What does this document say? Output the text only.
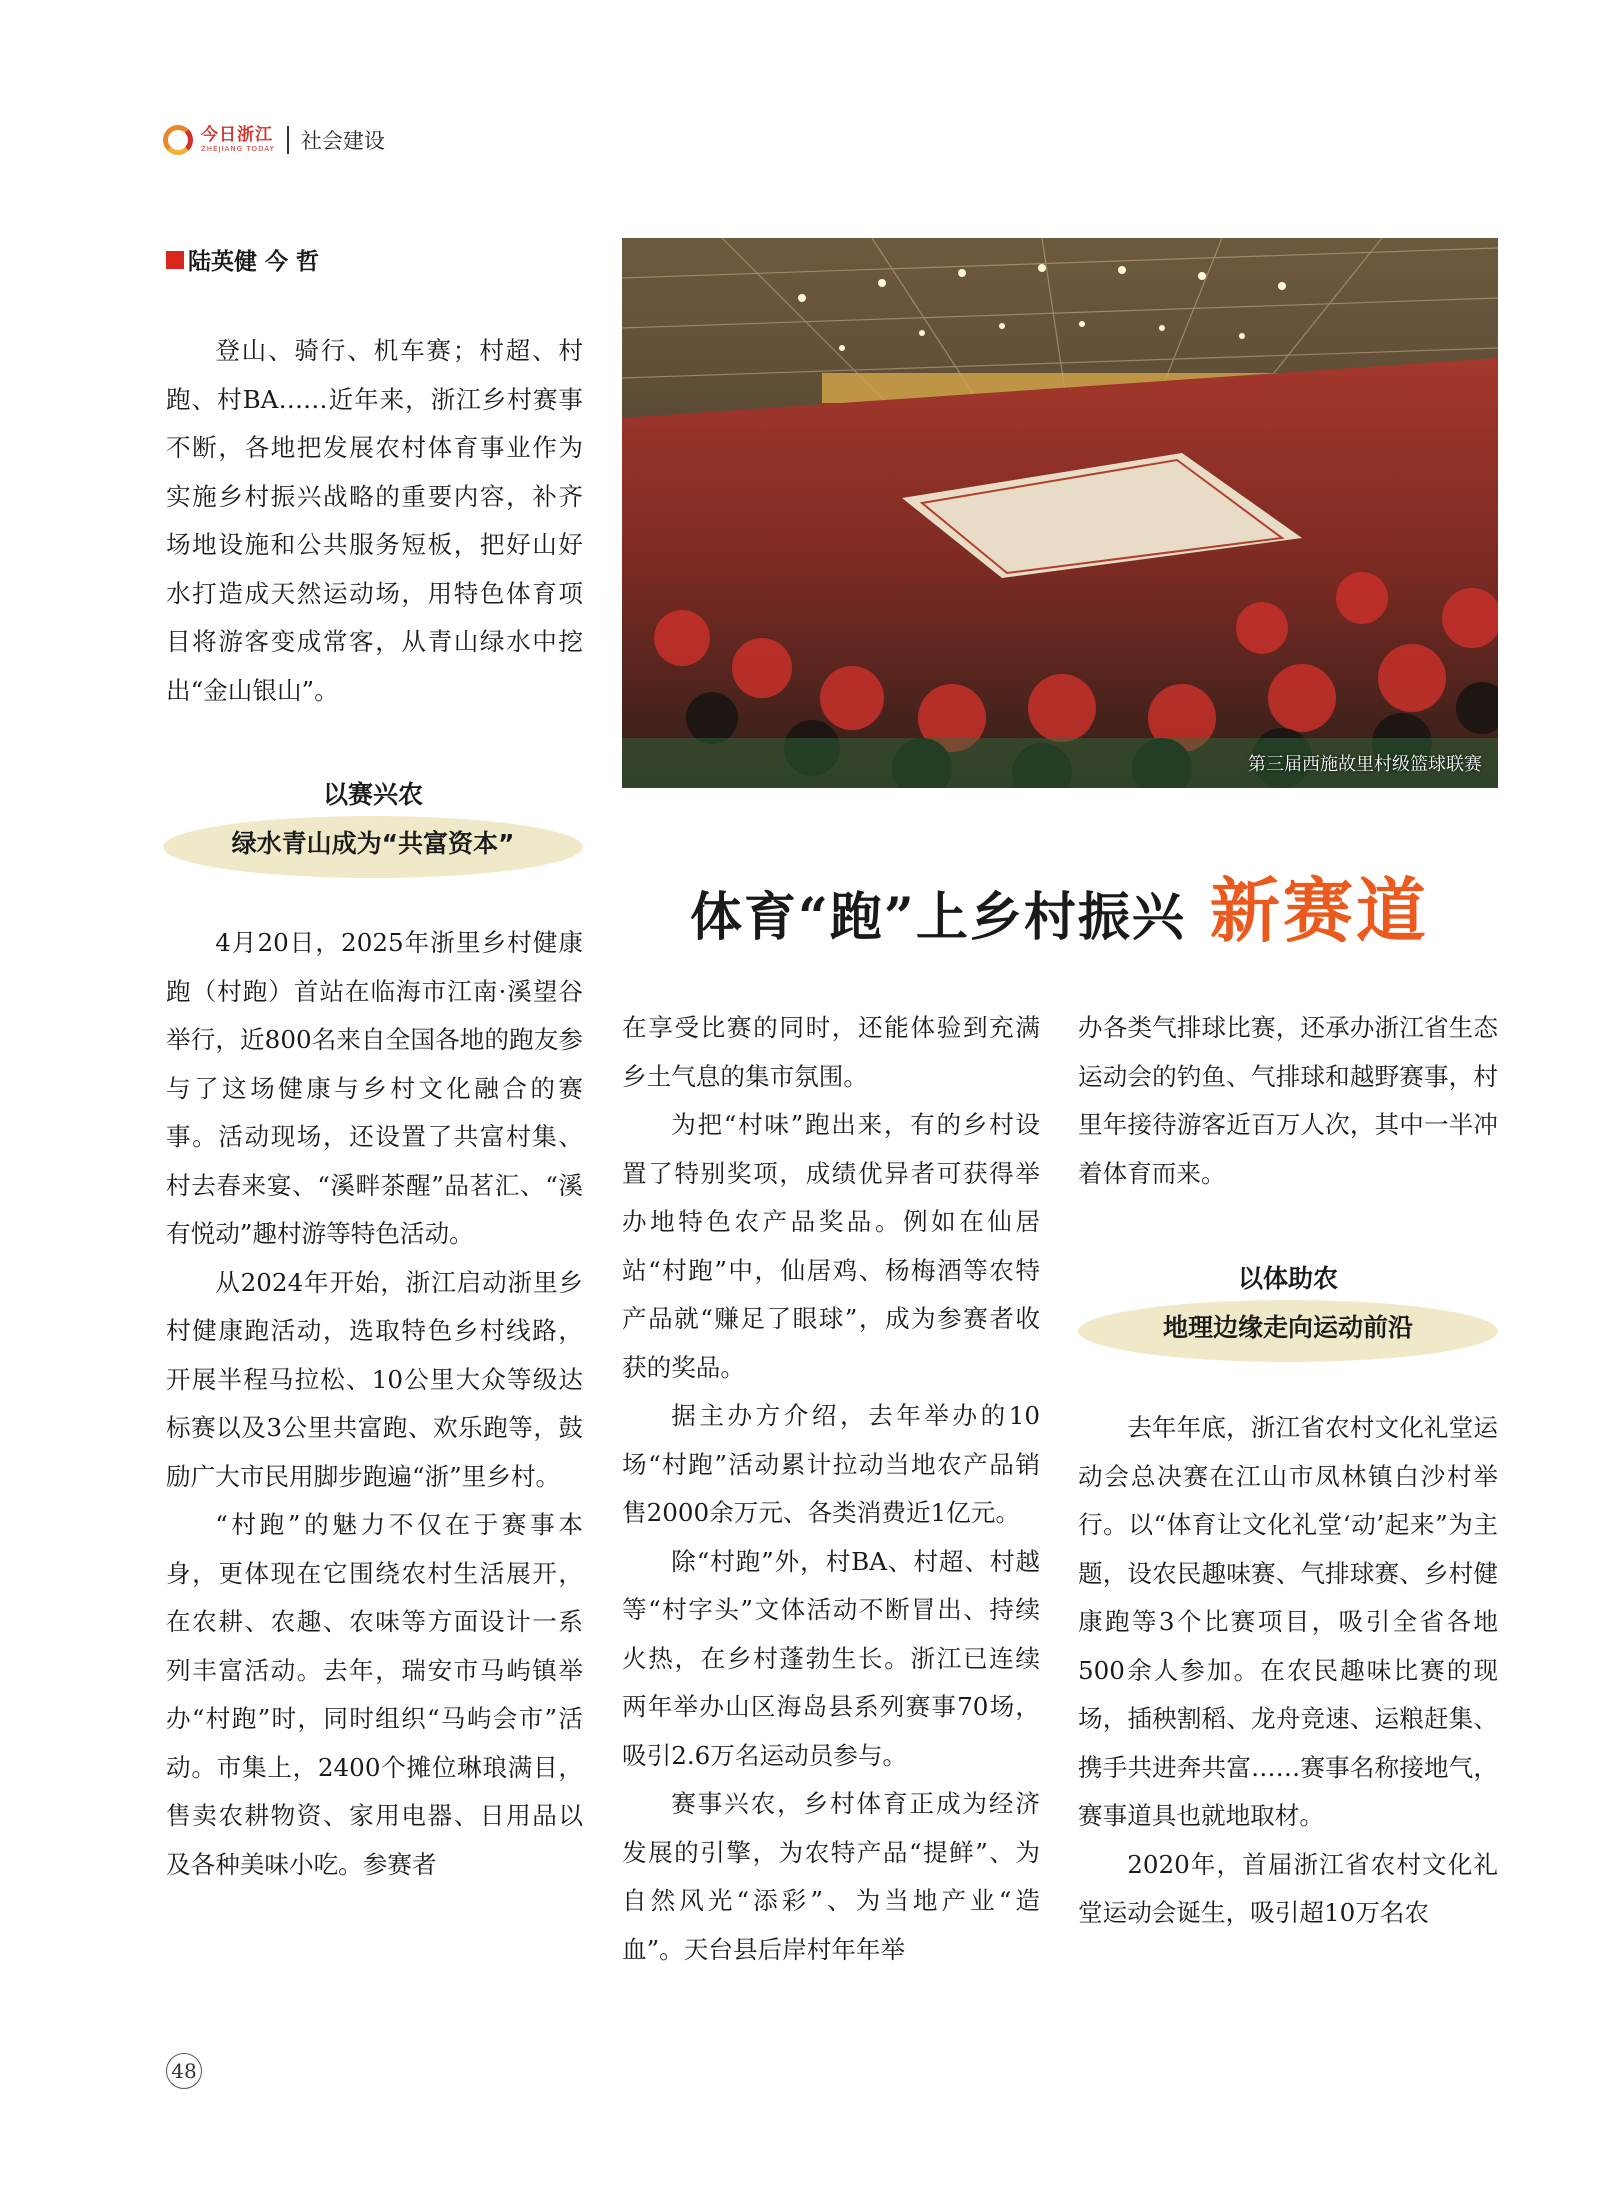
今日浙江
ZHEJIANG TODAY 社会建设
陆英健 今 哲
第三届西施故里村级篮球联赛
体育“跑”上乡村振兴 新赛道

登山、骑行、机车赛；村超、村跑、村BA……近年来，浙江乡村赛事不断，各地把发展农村体育事业作为实施乡村振兴战略的重要内容，补齐场地设施和公共服务短板，把好山好水打造成天然运动场，用特色体育项目将游客变成常客，从青山绿水中挖出“金山银山”。

以赛兴农
绿水青山成为“共富资本”

4月20日，2025年浙里乡村健康跑（村跑）首站在临海市江南·溪望谷举行，近800名来自全国各地的跑友参与了这场健康与乡村文化融合的赛事。活动现场，还设置了共富村集、村去春来宴、“溪畔茶醒”品茗汇、“溪有悦动”趣村游等特色活动。

从2024年开始，浙江启动浙里乡村健康跑活动，选取特色乡村线路，开展半程马拉松、10公里大众等级达标赛以及3公里共富跑、欢乐跑等，鼓励广大市民用脚步跑遍“浙”里乡村。

“村跑”的魅力不仅在于赛事本身，更体现在它围绕农村生活展开，在农耕、农趣、农味等方面设计一系列丰富活动。去年，瑞安市马屿镇举办“村跑”时，同时组织“马屿会市”活动。市集上，2400个摊位琳琅满目，售卖农耕物资、家用电器、日用品以及各种美味小吃。参赛者

在享受比赛的同时，还能体验到充满乡土气息的集市氛围。

为把“村味”跑出来，有的乡村设置了特别奖项，成绩优异者可获得举办地特色农产品奖品。例如在仙居站“村跑”中，仙居鸡、杨梅酒等农特产品就“赚足了眼球”，成为参赛者收获的奖品。

据主办方介绍，去年举办的10场“村跑”活动累计拉动当地农产品销售2000余万元、各类消费近1亿元。

除“村跑”外，村BA、村超、村越等“村字头”文体活动不断冒出、持续火热，在乡村蓬勃生长。浙江已连续两年举办山区海岛县系列赛事70场，吸引2.6万名运动员参与。

赛事兴农，乡村体育正成为经济发展的引擎，为农特产品“提鲜”、为自然风光“添彩”、为当地产业“造血”。天台县后岸村年年举

办各类气排球比赛，还承办浙江省生态运动会的钓鱼、气排球和越野赛事，村里年接待游客近百万人次，其中一半冲着体育而来。

以体助农
地理边缘走向运动前沿

去年年底，浙江省农村文化礼堂运动会总决赛在江山市凤林镇白沙村举行。以“体育让文化礼堂‘动’起来”为主题，设农民趣味赛、气排球赛、乡村健康跑等3个比赛项目，吸引全省各地500余人参加。在农民趣味比赛的现场，插秧割稻、龙舟竞速、运粮赶集、携手共进奔共富……赛事名称接地气，赛事道具也就地取材。

2020年，首届浙江省农村文化礼堂运动会诞生，吸引超10万名农

48
